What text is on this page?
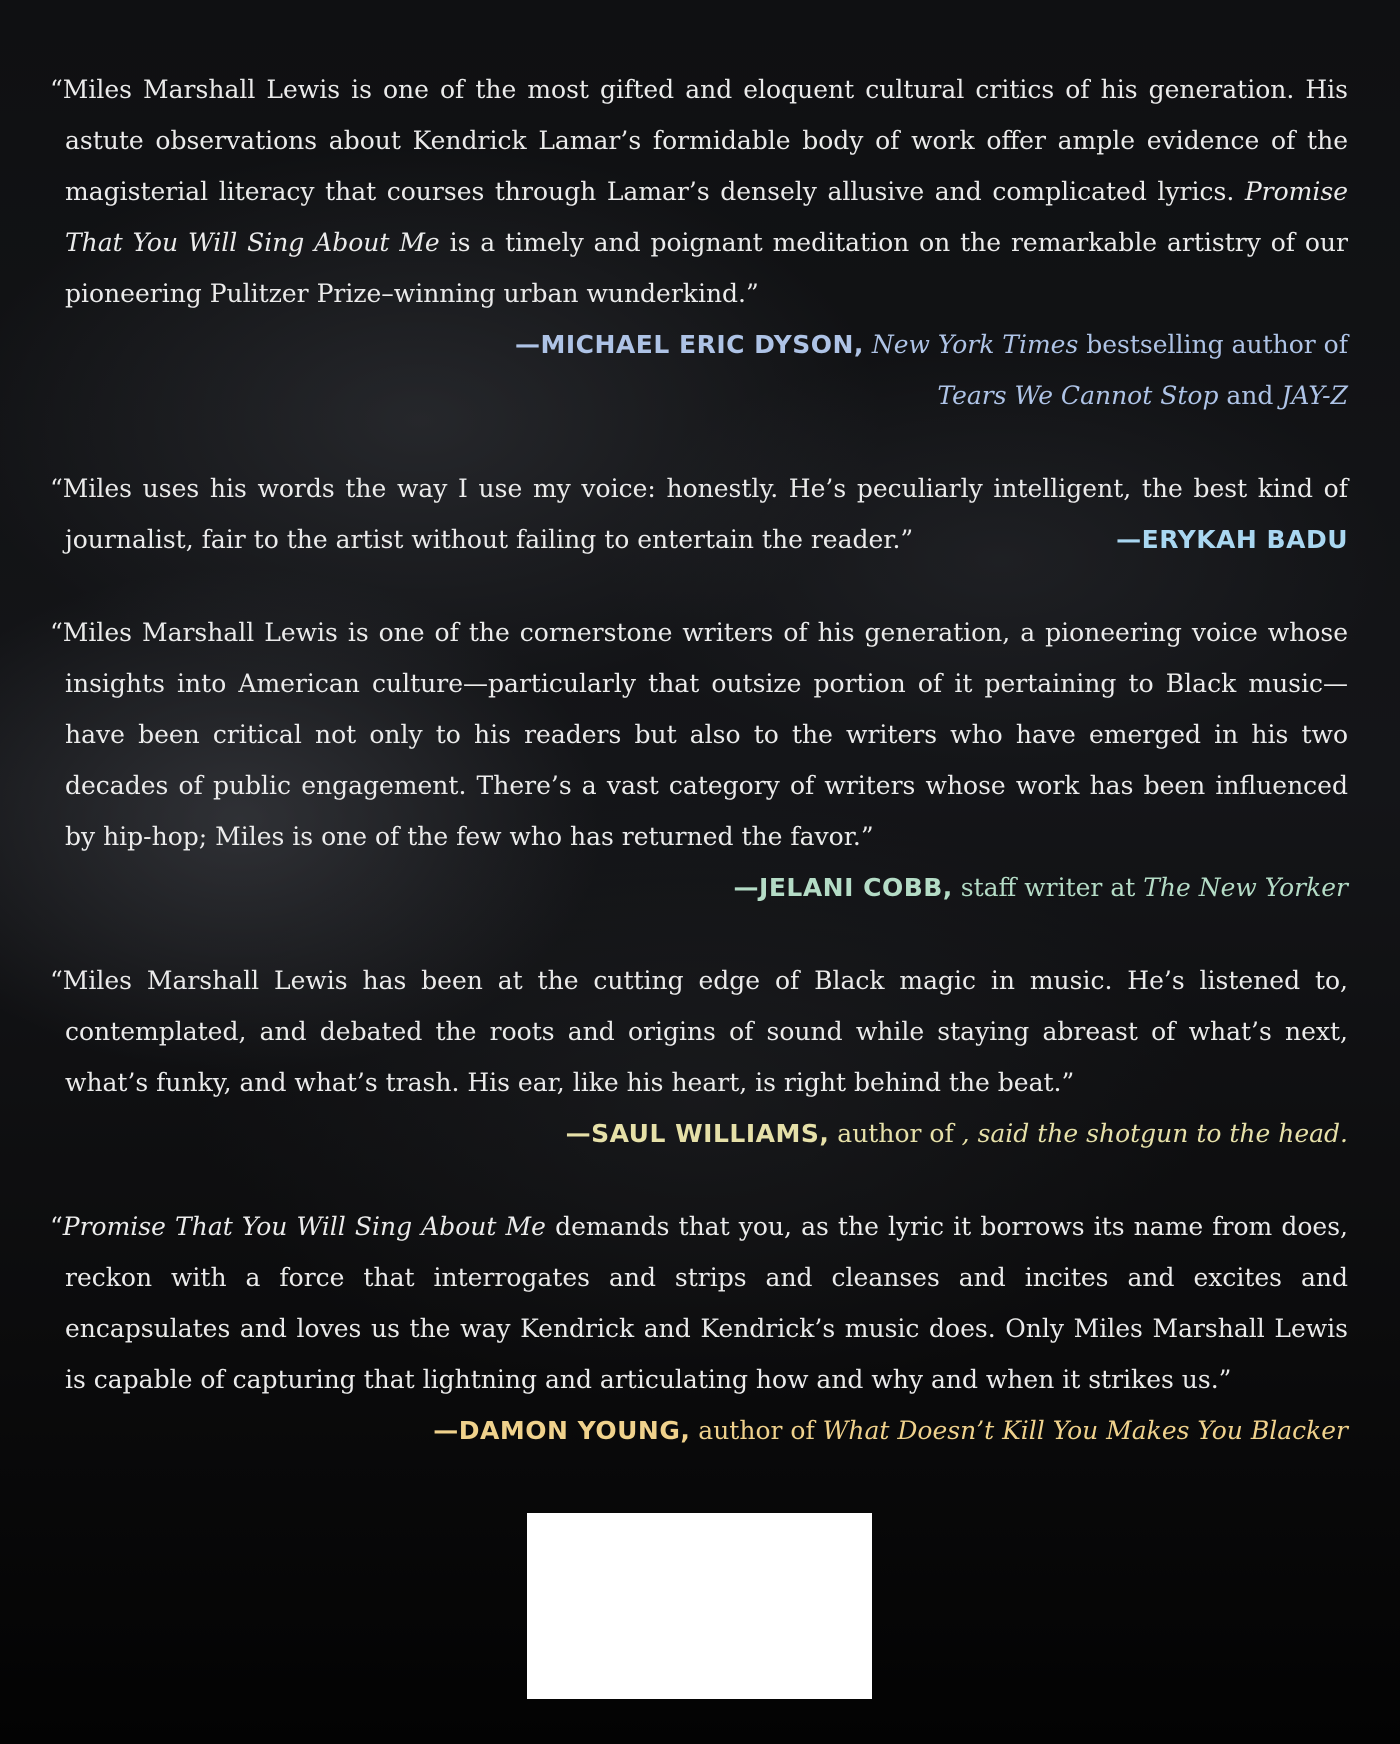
“Miles Marshall Lewis is one of the most gifted and eloquent cultural critics of his generation. His astute observations about Kendrick Lamar’s formidable body of work offer ample evidence of the magisterial literacy that courses through Lamar’s densely allusive and complicated lyrics. Promise That You Will Sing About Me is a timely and poignant meditation on the remarkable artistry of our pioneering Pulitzer Prize–winning urban wunderkind.”

—MICHAEL ERIC DYSON, New York Times bestselling author of
Tears We Cannot Stop and JAY-Z

“Miles uses his words the way I use my voice: honestly. He’s peculiarly intelligent, the best kind of journalist, fair to the artist without failing to entertain the reader.”	—ERYKAH BADU

“Miles Marshall Lewis is one of the cornerstone writers of his generation, a pioneering voice whose insights into American culture—particularly that outsize portion of it pertaining to Black music—have been critical not only to his readers but also to the writers who have emerged in his two decades of public engagement. There’s a vast category of writers whose work has been influenced by hip-hop; Miles is one of the few who has returned the favor.”

—JELANI COBB, staff writer at The New Yorker

“Miles Marshall Lewis has been at the cutting edge of Black magic in music. He’s listened to, contemplated, and debated the roots and origins of sound while staying abreast of what’s next, what’s funky, and what’s trash. His ear, like his heart, is right behind the beat.”

—SAUL WILLIAMS, author of , said the shotgun to the head.

“Promise That You Will Sing About Me demands that you, as the lyric it borrows its name from does, reckon with a force that interrogates and strips and cleanses and incites and excites and encapsulates and loves us the way Kendrick and Kendrick’s music does. Only Miles Marshall Lewis is capable of capturing that lightning and articulating how and why and when it strikes us.”

—DAMON YOUNG, author of What Doesn’t Kill You Makes You Blacker
